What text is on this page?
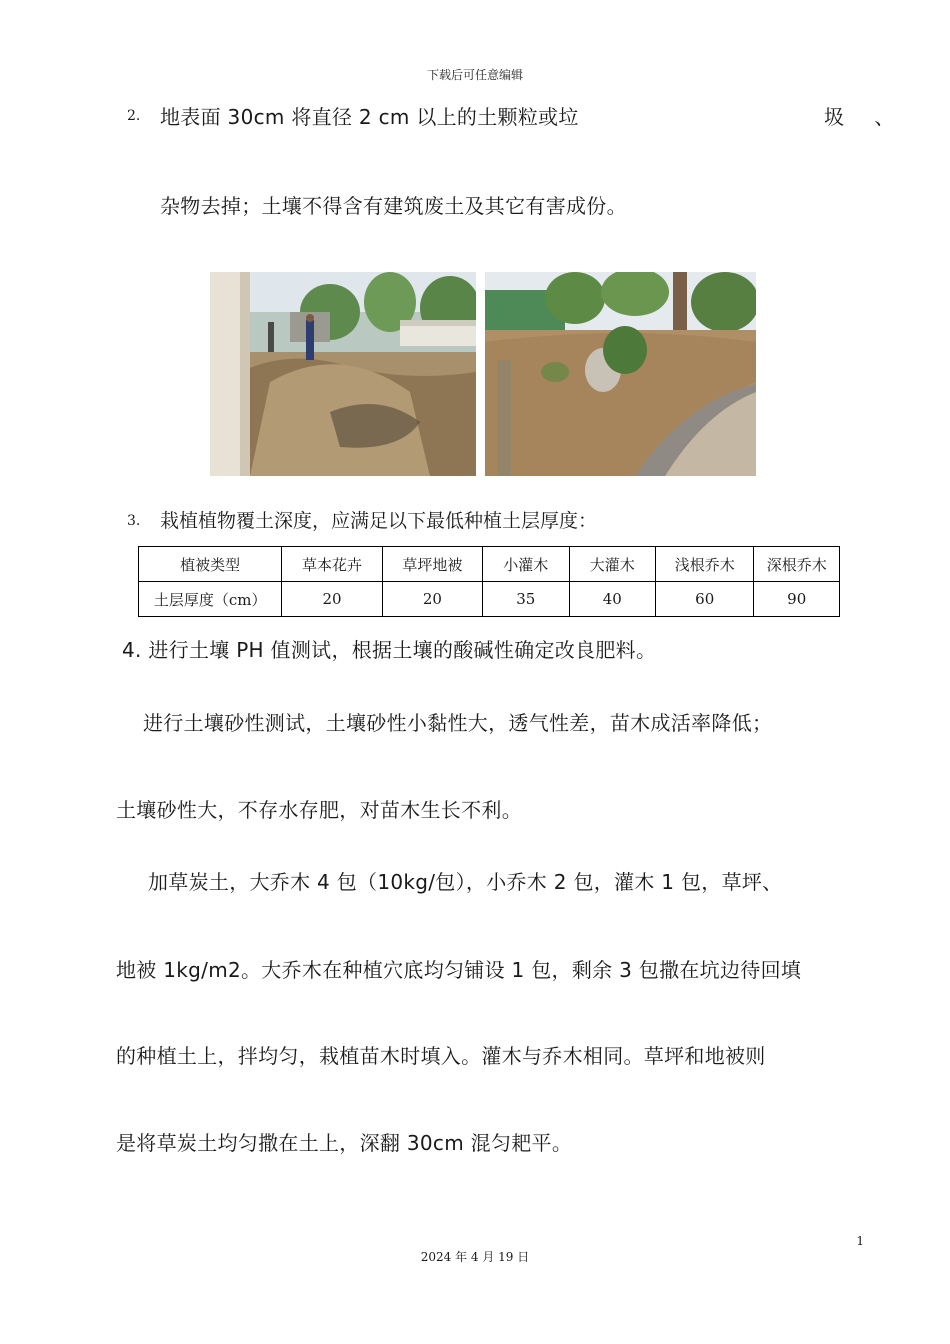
下载后可任意编辑
2. 地表面 30cm 将直径 2 cm 以上的土颗粒或垃	圾 、
杂物去掉；土壤不得含有建筑废土及其它有害成份。
3. 栽植植物覆土深度，应满足以下最低种植土层厚度：
植被类型	草本花卉	草坪地被	小灌木	大灌木	浅根乔木	深根乔木
土层厚度（cm）	20	20	35	40	60	90
4. 进行土壤 PH 值测试，根据土壤的酸碱性确定改良肥料。
进行土壤砂性测试，土壤砂性小黏性大，透气性差，苗木成活率降低；
土壤砂性大，不存水存肥，对苗木生长不利。
加草炭土，大乔木 4 包（10kg/包），小乔木 2 包，灌木 1 包，草坪、
地被 1kg/m2。大乔木在种植穴底均匀铺设 1 包，剩余 3 包撒在坑边待回填
的种植土上，拌均匀，栽植苗木时填入。灌木与乔木相同。草坪和地被则
是将草炭土均匀撒在土上，深翻 30cm 混匀耙平。
1
2024 年 4 月 19 日
